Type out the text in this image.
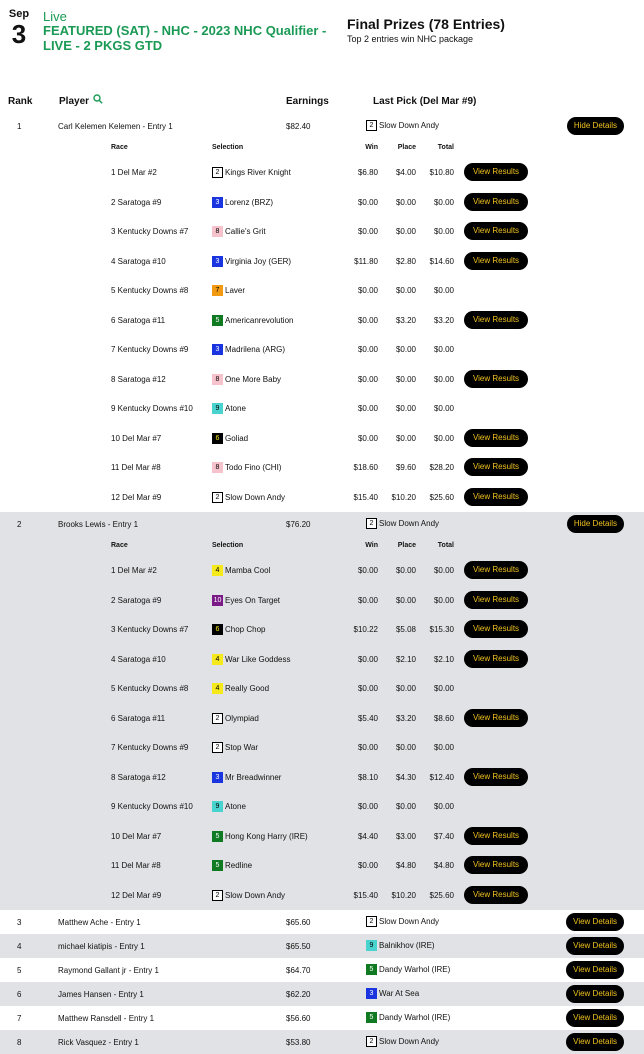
Sep
3
Live
FEATURED (SAT) - NHC - 2023 NHC Qualifier - LIVE - 2 PKGS GTD
Final Prizes (78 Entries)
Top 2 entries win NHC package
Rank	Player	Earnings	Last Pick (Del Mar #9)
1	Carl Kelemen Kelemen - Entry 1	$82.40	2 Slow Down Andy	Hide Details
Race	Selection	Win	Place	Total
1 Del Mar #2	2 Kings River Knight	$6.80 $4.00 $10.80	View Results
2 Saratoga #9	3 Lorenz (BRZ)	$0.00 $0.00 $0.00	View Results
3 Kentucky Downs #7	8 Callie's Grit	$0.00 $0.00 $0.00	View Results
4 Saratoga #10	3 Virginia Joy (GER)	$11.80 $2.80 $14.60	View Results
5 Kentucky Downs #8	7 Laver	$0.00 $0.00 $0.00
6 Saratoga #11	5 Americanrevolution	$0.00 $3.20 $3.20	View Results
7 Kentucky Downs #9	3 Madrilena (ARG)	$0.00 $0.00 $0.00
8 Saratoga #12	8 One More Baby	$0.00 $0.00 $0.00	View Results
9 Kentucky Downs #10	9 Atone	$0.00 $0.00 $0.00
10 Del Mar #7	6 Goliad	$0.00 $0.00 $0.00	View Results
11 Del Mar #8	8 Todo Fino (CHI)	$18.60 $9.60 $28.20	View Results
12 Del Mar #9	2 Slow Down Andy	$15.40 $10.20 $25.60	View Results
2	Brooks Lewis - Entry 1	$76.20	2 Slow Down Andy	Hide Details
Race	Selection	Win	Place	Total
1 Del Mar #2	4 Mamba Cool	$0.00 $0.00 $0.00	View Results
2 Saratoga #9	10 Eyes On Target	$0.00 $0.00 $0.00	View Results
3 Kentucky Downs #7	6 Chop Chop	$10.22 $5.08 $15.30	View Results
4 Saratoga #10	4 War Like Goddess	$0.00 $2.10 $2.10	View Results
5 Kentucky Downs #8	4 Really Good	$0.00 $0.00 $0.00
6 Saratoga #11	2 Olympiad	$5.40 $3.20 $8.60	View Results
7 Kentucky Downs #9	2 Stop War	$0.00 $0.00 $0.00
8 Saratoga #12	3 Mr Breadwinner	$8.10 $4.30 $12.40	View Results
9 Kentucky Downs #10	9 Atone	$0.00 $0.00 $0.00
10 Del Mar #7	5 Hong Kong Harry (IRE)	$4.40 $3.00 $7.40	View Results
11 Del Mar #8	5 Redline	$0.00 $4.80 $4.80	View Results
12 Del Mar #9	2 Slow Down Andy	$15.40 $10.20 $25.60	View Results
3	Matthew Ache - Entry 1	$65.60	2 Slow Down Andy	View Details
4	michael kiatipis - Entry 1	$65.50	9 Balnikhov (IRE)	View Details
5	Raymond Gallant jr - Entry 1	$64.70	5 Dandy Warhol (IRE)	View Details
6	James Hansen - Entry 1	$62.20	3 War At Sea	View Details
7	Matthew Ransdell - Entry 1	$56.60	5 Dandy Warhol (IRE)	View Details
8	Rick Vasquez - Entry 1	$53.80	2 Slow Down Andy	View Details
